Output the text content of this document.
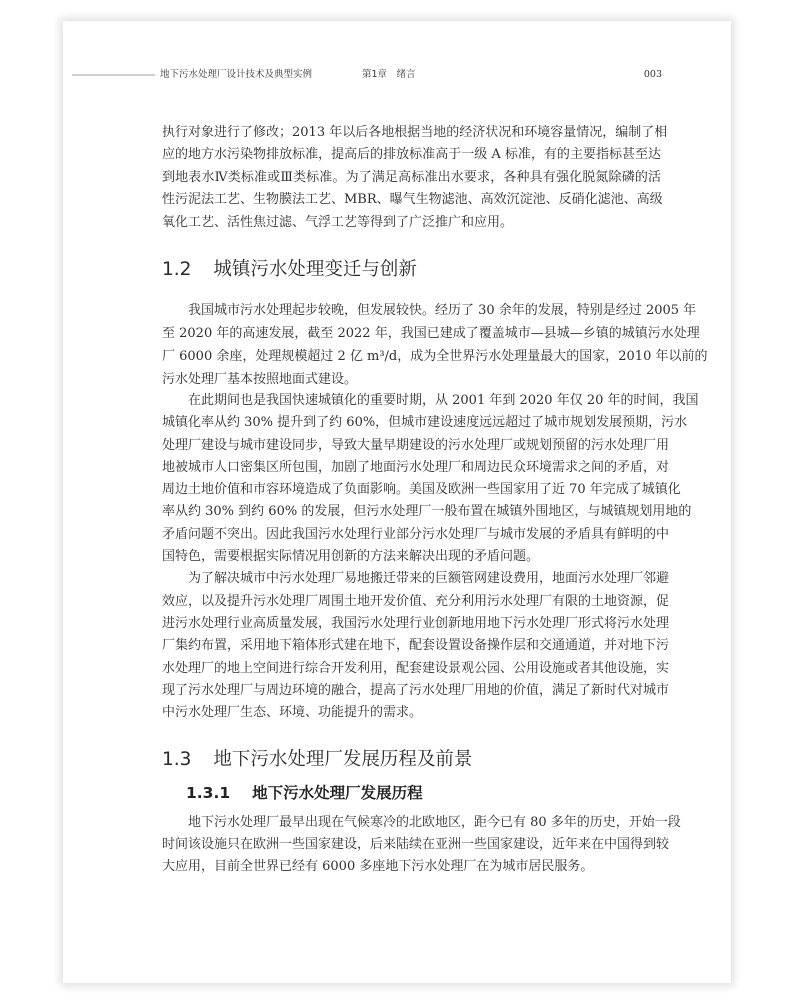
地下污水处理厂设计技术及典型实例	第1章　绪言	003
执行对象进行了修改；2013 年以后各地根据当地的经济状况和环境容量情况，编制了相
应的地方水污染物排放标准，提高后的排放标准高于一级 A 标准，有的主要指标甚至达
到地表水Ⅳ类标准或Ⅲ类标准。为了满足高标准出水要求，各种具有强化脱氮除磷的活
性污泥法工艺、生物膜法工艺、MBR、曝气生物滤池、高效沉淀池、反硝化滤池、高级
氧化工艺、活性焦过滤、气浮工艺等得到了广泛推广和应用。
1.2 城镇污水处理变迁与创新
我国城市污水处理起步较晚，但发展较快。经历了 30 余年的发展，特别是经过 2005 年
至 2020 年的高速发展，截至 2022 年，我国已建成了覆盖城市—县城—乡镇的城镇污水处理
厂 6000 余座，处理规模超过 2 亿 m³/d，成为全世界污水处理量最大的国家，2010 年以前的
污水处理厂基本按照地面式建设。
在此期间也是我国快速城镇化的重要时期，从 2001 年到 2020 年仅 20 年的时间，我国
城镇化率从约 30% 提升到了约 60%，但城市建设速度远远超过了城市规划发展预期，污水
处理厂建设与城市建设同步，导致大量早期建设的污水处理厂或规划预留的污水处理厂用
地被城市人口密集区所包围，加剧了地面污水处理厂和周边民众环境需求之间的矛盾，对
周边土地价值和市容环境造成了负面影响。美国及欧洲一些国家用了近 70 年完成了城镇化
率从约 30% 到约 60% 的发展，但污水处理厂一般布置在城镇外围地区，与城镇规划用地的
矛盾问题不突出。因此我国污水处理行业部分污水处理厂与城市发展的矛盾具有鲜明的中
国特色，需要根据实际情况用创新的方法来解决出现的矛盾问题。
为了解决城市中污水处理厂易地搬迁带来的巨额管网建设费用，地面污水处理厂邻避
效应，以及提升污水处理厂周围土地开发价值、充分利用污水处理厂有限的土地资源，促
进污水处理行业高质量发展，我国污水处理行业创新地用地下污水处理厂形式将污水处理
厂集约布置，采用地下箱体形式建在地下，配套设置设备操作层和交通通道，并对地下污
水处理厂的地上空间进行综合开发利用，配套建设景观公园、公用设施或者其他设施，实
现了污水处理厂与周边环境的融合，提高了污水处理厂用地的价值，满足了新时代对城市
中污水处理厂生态、环境、功能提升的需求。
1.3 地下污水处理厂发展历程及前景
1.3.1 地下污水处理厂发展历程
地下污水处理厂最早出现在气候寒冷的北欧地区，距今已有 80 多年的历史，开始一段
时间该设施只在欧洲一些国家建设，后来陆续在亚洲一些国家建设，近年来在中国得到较
大应用，目前全世界已经有 6000 多座地下污水处理厂在为城市居民服务。
